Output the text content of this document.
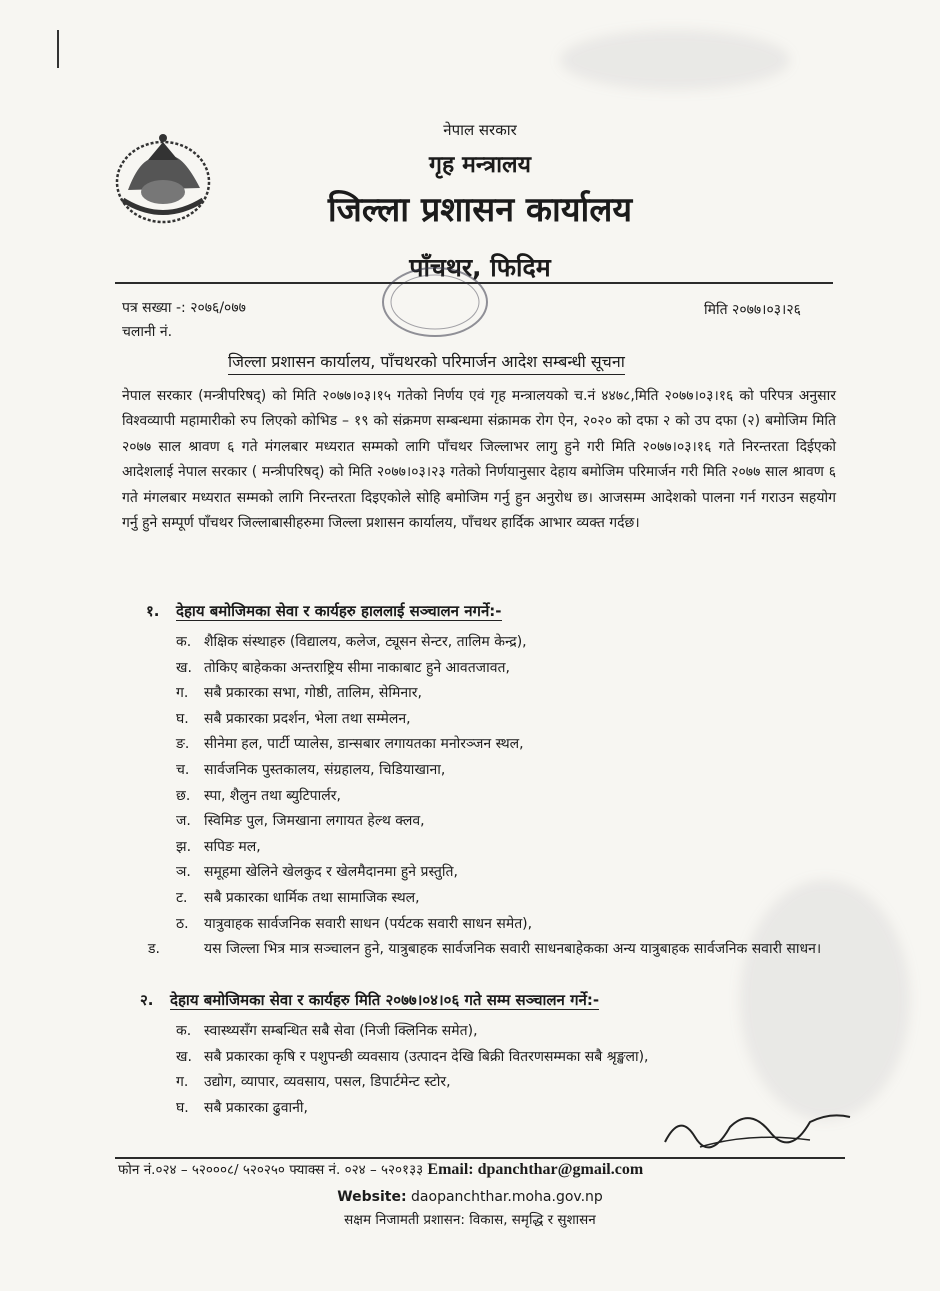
नेपाल सरकार
गृह मन्त्रालय
जिल्ला प्रशासन कार्यालय
पाँचथर, फिदिम
पत्र सख्या -: २०७६/०७७
चलानी नं.
मिति २०७७।०३।२६
जिल्ला प्रशासन कार्यालय, पाँचथरको परिमार्जन आदेश सम्बन्धी सूचना
नेपाल सरकार (मन्त्रीपरिषद्) को मिति २०७७।०३।१५ गतेको निर्णय एवं गृह मन्त्रालयको च.नं ४४७८,मिति २०७७।०३।१६ को परिपत्र अनुसार विश्वव्यापी महामारीको रुप लिएको कोभिड – १९ को संक्रमण सम्बन्धमा संक्रामक रोग ऐन, २०२० को दफा २ को उप दफा (२) बमोजिम मिति २०७७ साल श्रावण ६ गते मंगलबार मध्यरात सम्मको लागि पाँचथर जिल्लाभर लागु हुने गरी मिति २०७७।०३।१६ गते निरन्तरता दिईएको आदेशलाई नेपाल सरकार ( मन्त्रीपरिषद्) को मिति २०७७।०३।२३ गतेको निर्णयानुसार देहाय बमोजिम परिमार्जन गरी मिति २०७७ साल श्रावण ६ गते मंगलबार मध्यरात सम्मको लागि निरन्तरता दिइएकोले सोहि बमोजिम गर्नु हुन अनुरोध छ। आजसम्म आदेशको पालना गर्न गराउन सहयोग गर्नु हुने सम्पूर्ण पाँचथर जिल्लाबासीहरुमा जिल्ला प्रशासन कार्यालय, पाँचथर हार्दिक आभार व्यक्त गर्दछ।
१. देहाय बमोजिमका सेवा र कार्यहरु हाललाई सञ्चालन नगर्ने:-
क. शैक्षिक संस्थाहरु (विद्यालय, कलेज, ट्यूसन सेन्टर, तालिम केन्द्र),
ख. तोकिए बाहेकका अन्तराष्ट्रिय सीमा नाकाबाट हुने आवतजावत,
ग. सबै प्रकारका सभा, गोष्ठी, तालिम, सेमिनार,
घ. सबै प्रकारका प्रदर्शन, भेला तथा सम्मेलन,
ङ. सीनेमा हल, पार्टी प्यालेस, डान्सबार लगायतका मनोरञ्जन स्थल,
च. सार्वजनिक पुस्तकालय, संग्रहालय, चिडियाखाना,
छ. स्पा, शैलुन तथा ब्युटिपार्लर,
ज. स्विमिङ पुल, जिमखाना लगायत हेल्थ क्लव,
झ. सपिङ मल,
ञ. समूहमा खेलिने खेलकुद र खेलमैदानमा हुने प्रस्तुति,
ट. सबै प्रकारका धार्मिक तथा सामाजिक स्थल,
ठ. यात्रुवाहक सार्वजनिक सवारी साधन (पर्यटक सवारी साधन समेत),
ड.	यस जिल्ला भित्र मात्र सञ्चालन हुने, यात्रुबाहक सार्वजनिक सवारी साधनबाहेकका अन्य यात्रुबाहक सार्वजनिक सवारी साधन।
२. देहाय बमोजिमका सेवा र कार्यहरु मिति २०७७।०४।०६ गते सम्म सञ्चालन गर्ने:-
क. स्वास्थ्यसँग सम्बन्धित सबै सेवा (निजी क्लिनिक समेत),
ख. सबै प्रकारका कृषि र पशुपन्छी व्यवसाय (उत्पादन देखि बिक्री वितरणसम्मका सबै श्रृङ्खला),
ग. उद्योग, व्यापार, व्यवसाय, पसल, डिपार्टमेन्ट स्टोर,
घ. सबै प्रकारका ढुवानी,
फोन नं.०२४ – ५२०००८/ ५२०२५० फ्याक्स नं. ०२४ – ५२०१३३ Email: dpanchthar@gmail.com
Website: daopanchthar.moha.gov.np
सक्षम निजामती प्रशासन: विकास, समृद्धि र सुशासन
